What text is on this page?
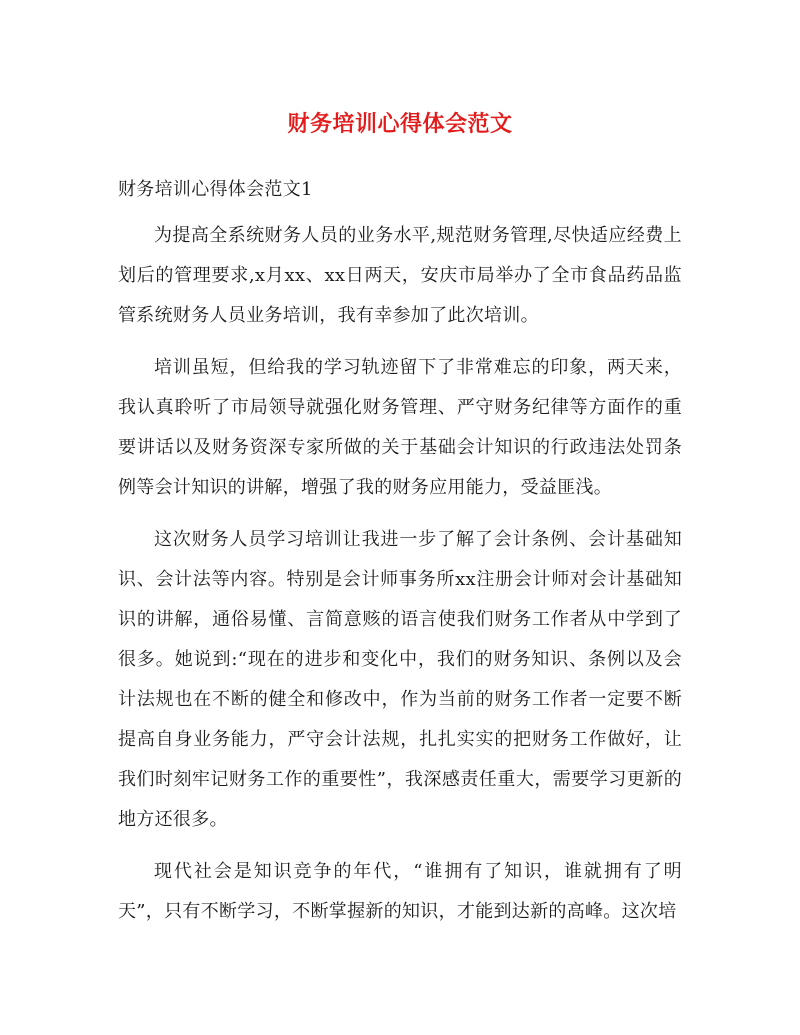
财务培训心得体会范文

财务培训心得体会范文1

为提高全系统财务人员的业务水平,规范财务管理,尽快适应经费上划后的管理要求,x月xx、xx日两天，安庆市局举办了全市食品药品监管系统财务人员业务培训，我有幸参加了此次培训。

培训虽短，但给我的学习轨迹留下了非常难忘的印象，两天来，我认真聆听了市局领导就强化财务管理、严守财务纪律等方面作的重要讲话以及财务资深专家所做的关于基础会计知识的行政违法处罚条例等会计知识的讲解，增强了我的财务应用能力，受益匪浅。

这次财务人员学习培训让我进一步了解了会计条例、会计基础知识、会计法等内容。特别是会计师事务所xx注册会计师对会计基础知识的讲解，通俗易懂、言简意赅的语言使我们财务工作者从中学到了很多。她说到:“现在的进步和变化中，我们的财务知识、条例以及会计法规也在不断的健全和修改中，作为当前的财务工作者一定要不断提高自身业务能力，严守会计法规，扎扎实实的把财务工作做好，让我们时刻牢记财务工作的重要性”，我深感责任重大，需要学习更新的地方还很多。

现代社会是知识竞争的年代，“谁拥有了知识，谁就拥有了明天”，只有不断学习，不断掌握新的知识，才能到达新的高峰。这次培
